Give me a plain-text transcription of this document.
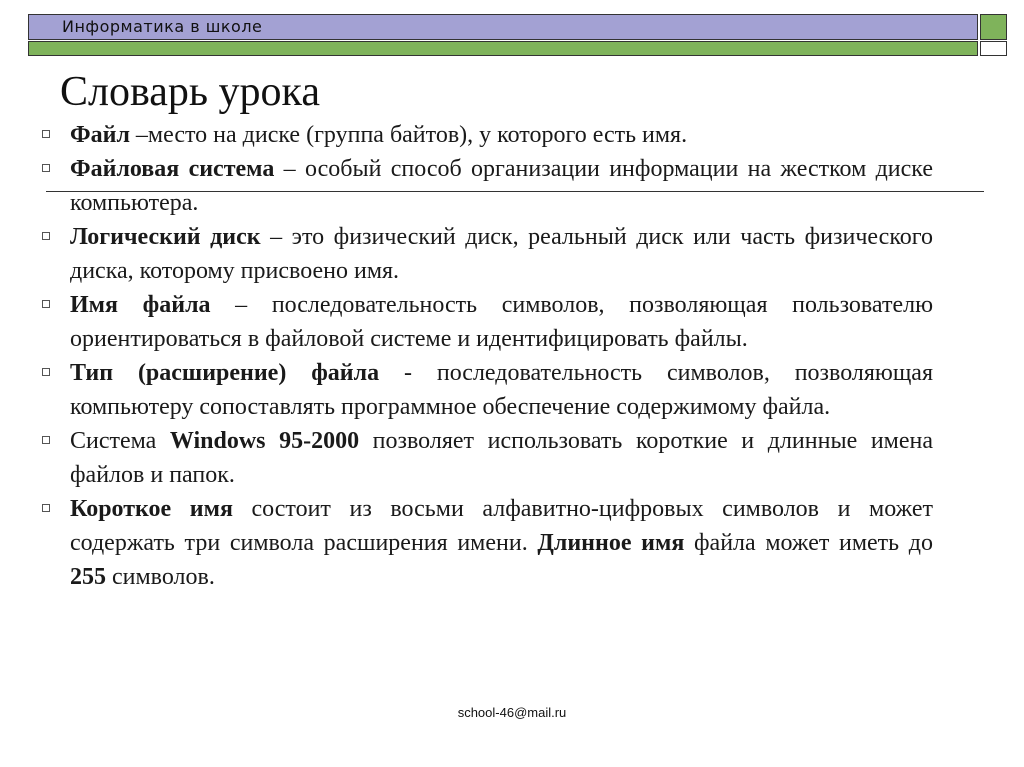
Информатика в школе
Словарь урока
Файл –место на диске (группа байтов), у которого есть имя.
Файловая система – особый способ организации информации на жестком диске компьютера.
Логический диск – это физический диск, реальный диск или часть физического диска, которому присвоено имя.
Имя файла – последовательность символов, позволяющая пользователю ориентироваться в файловой системе и идентифицировать файлы.
Тип (расширение) файла - последовательность символов, позволяющая компьютеру сопоставлять программное обеспечение содержимому файла.
Система Windows 95-2000 позволяет использовать короткие и длинные имена файлов и папок.
Короткое имя состоит из восьми алфавитно-цифровых символов и может содержать три символа расширения имени. Длинное имя файла может иметь до 255 символов.
school-46@mail.ru
